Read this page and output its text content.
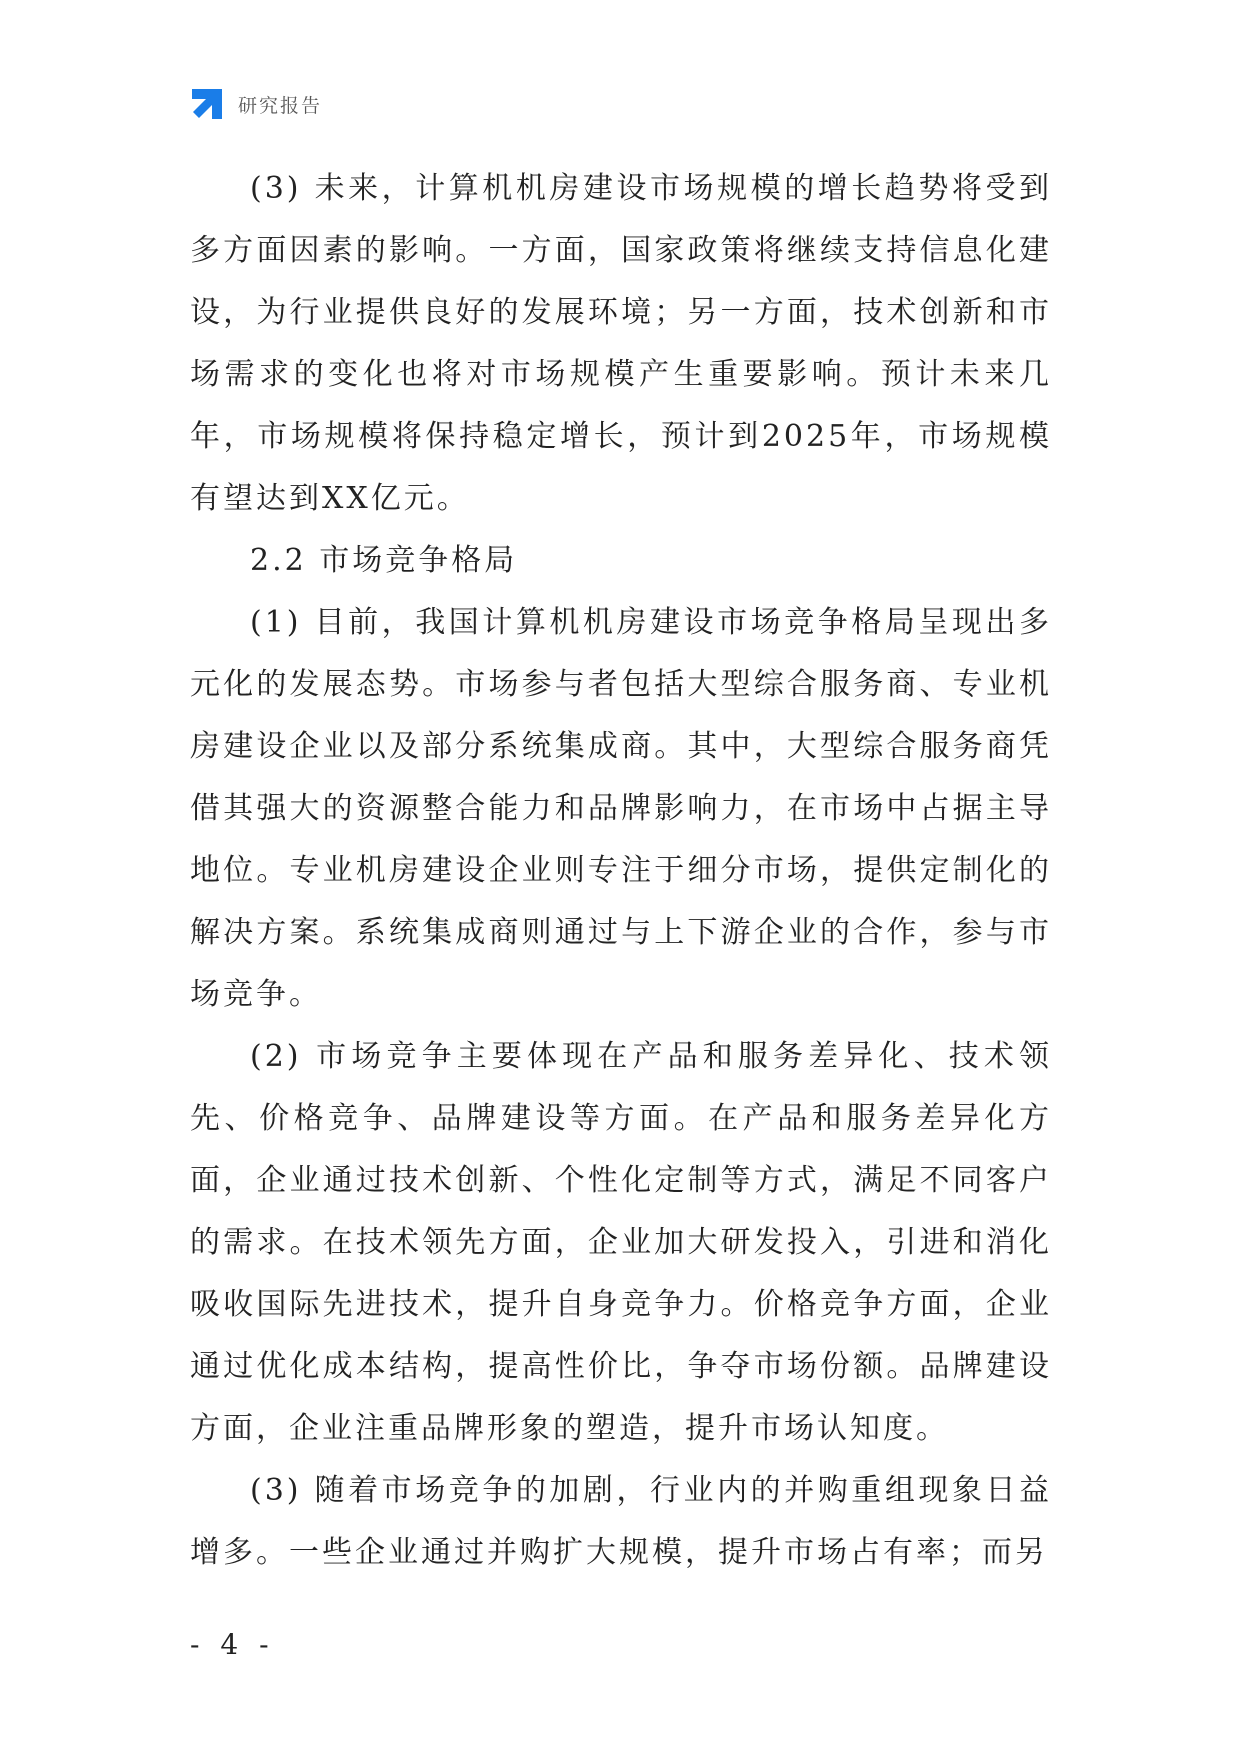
研究报告

(3) 未来，计算机机房建设市场规模的增长趋势将受到多方面因素的影响。一方面，国家政策将继续支持信息化建设，为行业提供良好的发展环境；另一方面，技术创新和市场需求的变化也将对市场规模产生重要影响。预计未来几年，市场规模将保持稳定增长，预计到2025年，市场规模有望达到XX亿元。

2.2 市场竞争格局

(1) 目前，我国计算机机房建设市场竞争格局呈现出多元化的发展态势。市场参与者包括大型综合服务商、专业机房建设企业以及部分系统集成商。其中，大型综合服务商凭借其强大的资源整合能力和品牌影响力，在市场中占据主导地位。专业机房建设企业则专注于细分市场，提供定制化的解决方案。系统集成商则通过与上下游企业的合作，参与市场竞争。

(2) 市场竞争主要体现在产品和服务差异化、技术领先、价格竞争、品牌建设等方面。在产品和服务差异化方面，企业通过技术创新、个性化定制等方式，满足不同客户的需求。在技术领先方面，企业加大研发投入，引进和消化吸收国际先进技术，提升自身竞争力。价格竞争方面，企业通过优化成本结构，提高性价比，争夺市场份额。品牌建设方面，企业注重品牌形象的塑造，提升市场认知度。

(3) 随着市场竞争的加剧，行业内的并购重组现象日益增多。一些企业通过并购扩大规模，提升市场占有率；而另

- 4 -
